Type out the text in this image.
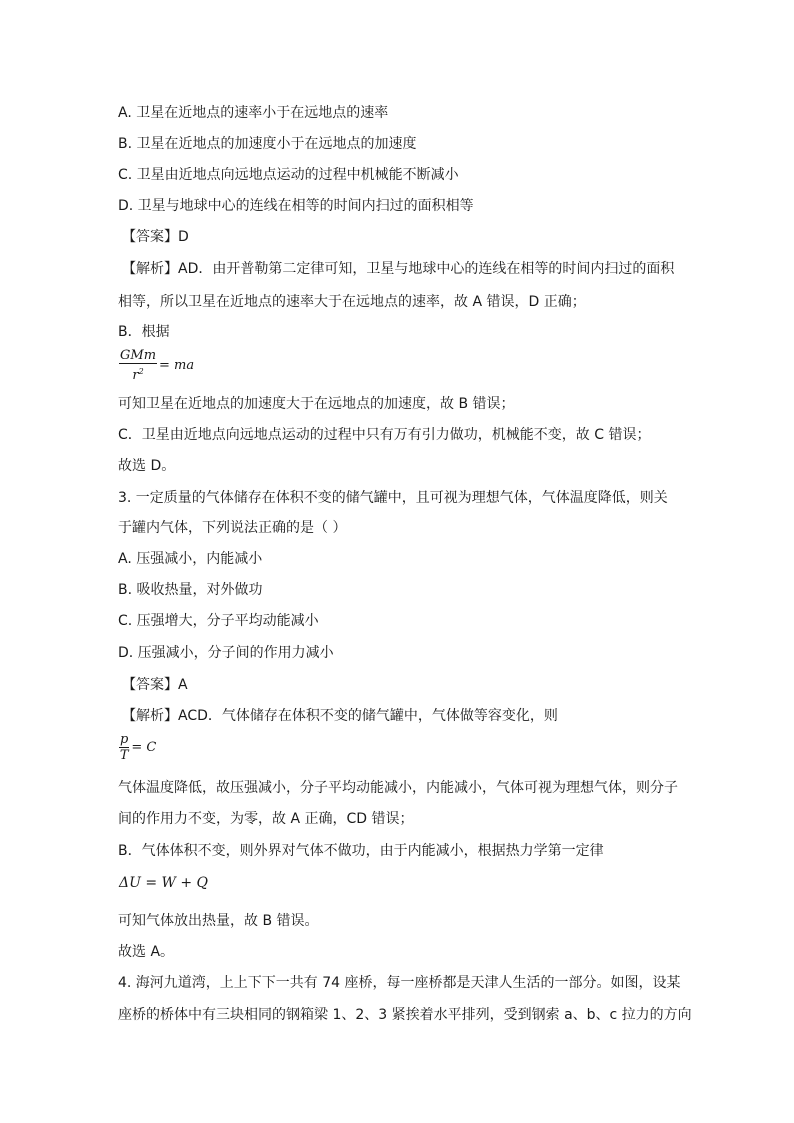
A. 卫星在近地点的速率小于在远地点的速率
B. 卫星在近地点的加速度小于在远地点的加速度
C. 卫星由近地点向远地点运动的过程中机械能不断减小
D. 卫星与地球中心的连线在相等的时间内扫过的面积相等
【答案】D
【解析】AD．由开普勒第二定律可知，卫星与地球中心的连线在相等的时间内扫过的面积
相等，所以卫星在近地点的速率大于在远地点的速率，故 A 错误，D 正确；
B．根据
$\frac{\text{GMm}}{r^2}$ = ma
可知卫星在近地点的加速度大于在远地点的加速度，故 B 错误；
C．卫星由近地点向远地点运动的过程中只有万有引力做功，机械能不变，故 C 错误；
故选 D。
3. 一定质量的气体储存在体积不变的储气罐中，且可视为理想气体，气体温度降低，则关
于罐内气体，下列说法正确的是（ ）
A. 压强减小，内能减小
B. 吸收热量，对外做功
C. 压强增大，分子平均动能减小
D. 压强减小，分子间的作用力减小
【答案】A
【解析】ACD．气体储存在体积不变的储气罐中，气体做等容变化，则
$\frac{p}{T} = C$
气体温度降低，故压强减小，分子平均动能减小，内能减小，气体可视为理想气体，则分子
间的作用力不变，为零，故 A 正确，CD 错误；
B．气体体积不变，则外界对气体不做功，由于内能减小，根据热力学第一定律
ΔU = W + Q
可知气体放出热量，故 B 错误。
故选 A。
4. 海河九道湾，上上下下一共有 74 座桥，每一座桥都是天津人生活的一部分。如图，设某
座桥的桥体中有三块相同的钢箱梁 1、2、3 紧挨着水平排列，受到钢索 a、b、c 拉力的方向
